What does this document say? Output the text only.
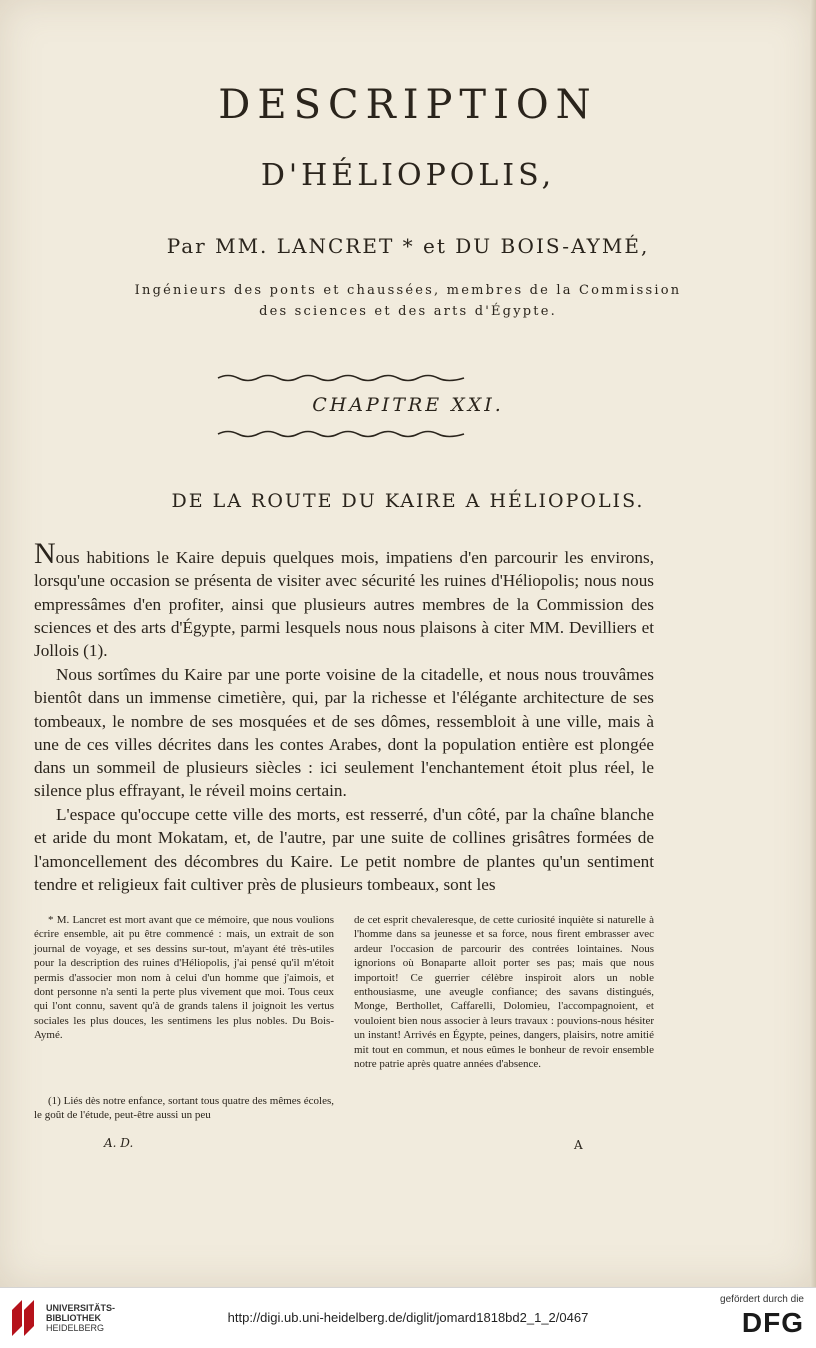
DESCRIPTION
D'HÉLIOPOLIS,
Par MM. LANCRET * et DU BOIS-AYMÉ,
Ingénieurs des ponts et chaussées, membres de la Commission
des sciences et des arts d'Égypte.
CHAPITRE XXI.
DE LA ROUTE DU KAIRE A HÉLIOPOLIS.

Nous habitions le Kaire depuis quelques mois, impatiens d'en parcourir les environs, lorsqu'une occasion se présenta de visiter avec sécurité les ruines d'Héliopolis; nous nous empressâmes d'en profiter, ainsi que plusieurs autres membres de la Commission des sciences et des arts d'Égypte, parmi lesquels nous nous plaisons à citer MM. Devilliers et Jollois (1).

Nous sortîmes du Kaire par une porte voisine de la citadelle, et nous nous trouvâmes bientôt dans un immense cimetière, qui, par la richesse et l'élégante architecture de ses tombeaux, le nombre de ses mosquées et de ses dômes, ressembloit à une ville, mais à une de ces villes décrites dans les contes Arabes, dont la population entière est plongée dans un sommeil de plusieurs siècles : ici seulement l'enchantement étoit plus réel, le silence plus effrayant, le réveil moins certain.

L'espace qu'occupe cette ville des morts, est resserré, d'un côté, par la chaîne blanche et aride du mont Mokatam, et, de l'autre, par une suite de collines grisâtres formées de l'amoncellement des décombres du Kaire. Le petit nombre de plantes qu'un sentiment tendre et religieux fait cultiver près de plusieurs tombeaux, sont les

* M. Lancret est mort avant que ce mémoire, que nous voulions écrire ensemble, ait pu être commencé : mais, un extrait de son journal de voyage, et ses dessins sur-tout, m'ayant été très-utiles pour la description des ruines d'Héliopolis, j'ai pensé qu'il m'étoit permis d'associer mon nom à celui d'un homme que j'aimois, et dont personne n'a senti la perte plus vivement que moi. Tous ceux qui l'ont connu, savent qu'à de grands talens il joignoit les vertus sociales les plus douces, les sentimens les plus nobles. Du Bois-Aymé.

(1) Liés dès notre enfance, sortant tous quatre des mêmes écoles, le goût de l'étude, peut-être aussi un peu

de cet esprit chevaleresque, de cette curiosité inquiète si naturelle à l'homme dans sa jeunesse et sa force, nous firent embrasser avec ardeur l'occasion de parcourir des contrées lointaines. Nous ignorions où Bonaparte alloit porter ses pas; mais que nous importoit! Ce guerrier célèbre inspiroit alors un noble enthousiasme, une aveugle confiance; des savans distingués, Monge, Berthollet, Caffarelli, Dolomieu, l'accompagnoient, et vouloient bien nous associer à leurs travaux : pouvions-nous hésiter un instant! Arrivés en Égypte, peines, dangers, plaisirs, notre amitié mit tout en commun, et nous eûmes le bonheur de revoir ensemble notre patrie après quatre années d'absence.

A. D.	A
UNIVERSITÄTS-
BIBLIOTHEK
HEIDELBERG
http://digi.ub.uni-heidelberg.de/diglit/jomard1818bd2_1_2/0467
gefördert durch die
DFG
